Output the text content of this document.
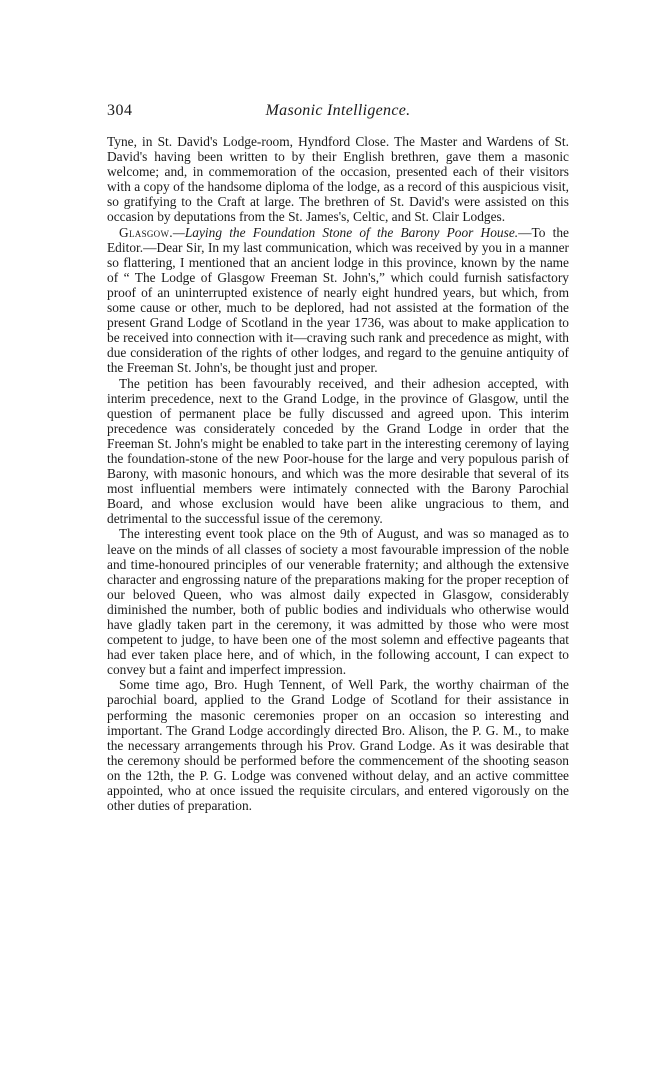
304	Masonic Intelligence.

Tyne, in St. David's Lodge-room, Hyndford Close. The Master and Wardens of St. David's having been written to by their English brethren, gave them a masonic welcome; and, in commemoration of the occasion, presented each of their visitors with a copy of the handsome diploma of the lodge, as a record of this auspicious visit, so gratifying to the Craft at large. The brethren of St. David's were assisted on this occasion by deputations from the St. James's, Celtic, and St. Clair Lodges.

Glasgow.—Laying the Foundation Stone of the Barony Poor House.—To the Editor.—Dear Sir, In my last communication, which was received by you in a manner so flattering, I mentioned that an ancient lodge in this province, known by the name of “ The Lodge of Glasgow Freeman St. John's,” which could furnish satisfactory proof of an uninterrupted existence of nearly eight hundred years, but which, from some cause or other, much to be deplored, had not assisted at the formation of the present Grand Lodge of Scotland in the year 1736, was about to make application to be received into connection with it—craving such rank and precedence as might, with due consideration of the rights of other lodges, and regard to the genuine antiquity of the Freeman St. John's, be thought just and proper.

The petition has been favourably received, and their adhesion accepted, with interim precedence, next to the Grand Lodge, in the province of Glasgow, until the question of permanent place be fully discussed and agreed upon. This interim precedence was considerately conceded by the Grand Lodge in order that the Freeman St. John's might be enabled to take part in the interesting ceremony of laying the foundation-stone of the new Poor-house for the large and very populous parish of Barony, with masonic honours, and which was the more desirable that several of its most influential members were intimately connected with the Barony Parochial Board, and whose exclusion would have been alike ungracious to them, and detrimental to the successful issue of the ceremony.

The interesting event took place on the 9th of August, and was so managed as to leave on the minds of all classes of society a most favourable impression of the noble and time-honoured principles of our venerable fraternity; and although the extensive character and engrossing nature of the preparations making for the proper reception of our beloved Queen, who was almost daily expected in Glasgow, considerably diminished the number, both of public bodies and individuals who otherwise would have gladly taken part in the ceremony, it was admitted by those who were most competent to judge, to have been one of the most solemn and effective pageants that had ever taken place here, and of which, in the following account, I can expect to convey but a faint and imperfect impression.

Some time ago, Bro. Hugh Tennent, of Well Park, the worthy chairman of the parochial board, applied to the Grand Lodge of Scotland for their assistance in performing the masonic ceremonies proper on an occasion so interesting and important. The Grand Lodge accordingly directed Bro. Alison, the P. G. M., to make the necessary arrangements through his Prov. Grand Lodge. As it was desirable that the ceremony should be performed before the commencement of the shooting season on the 12th, the P. G. Lodge was convened without delay, and an active committee appointed, who at once issued the requisite circulars, and entered vigorously on the other duties of preparation.
